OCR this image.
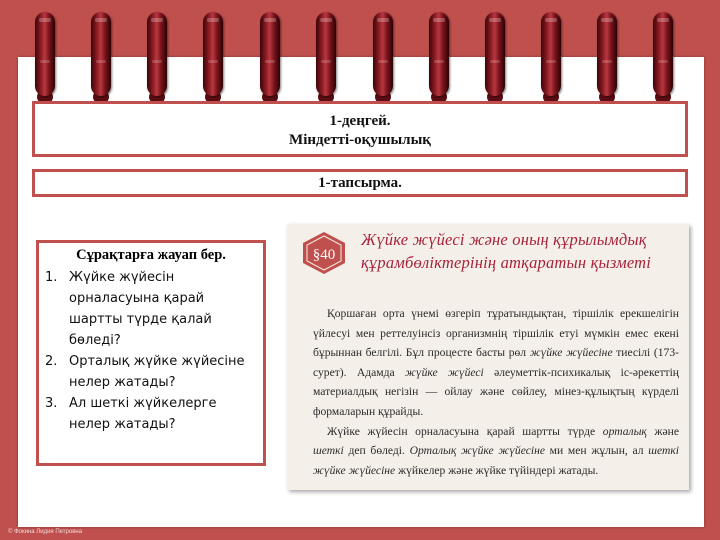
1-деңгей.
Міндетті-оқушылық
1-тапсырма.
Сұрақтарға жауап бер.
1. Жүйке жүйесін орналасуына қарай шартты түрде қалай бөледі?
2. Орталық жүйке жүйесіне нелер жатады?
3. Ал шеткі жүйкелерге нелер жатады?
§40
Жүйке жүйесі және оның құрылымдық құрамбөліктерінің атқаратын қызметі

Қоршаған орта үнемі өзгеріп тұратындықтан, тіршілік ерекшелігін үйлесуі мен реттелуінсіз организмнің тіршілік етуі мүмкін емес екені бұрыннан белгілі. Бұл процесте басты рөл жүйке жүйесіне тиесілі (173-сурет). Адамда жүйке жүйесі әлеуметтік-психикалық іс-әрекеттің материалдық негізін — ойлау және сөйлеу, мінез-құлықтың күрделі формаларын құрайды.

Жүйке жүйесін орналасуына қарай шартты түрде орталық және шеткі деп бөледі. Орталық жүйке жүйесіне ми мен жұлын, ал шеткі жүйке жүйесіне жүйкелер және жүйке түйіндері жатады.

© Фокина Лидия Петровна
